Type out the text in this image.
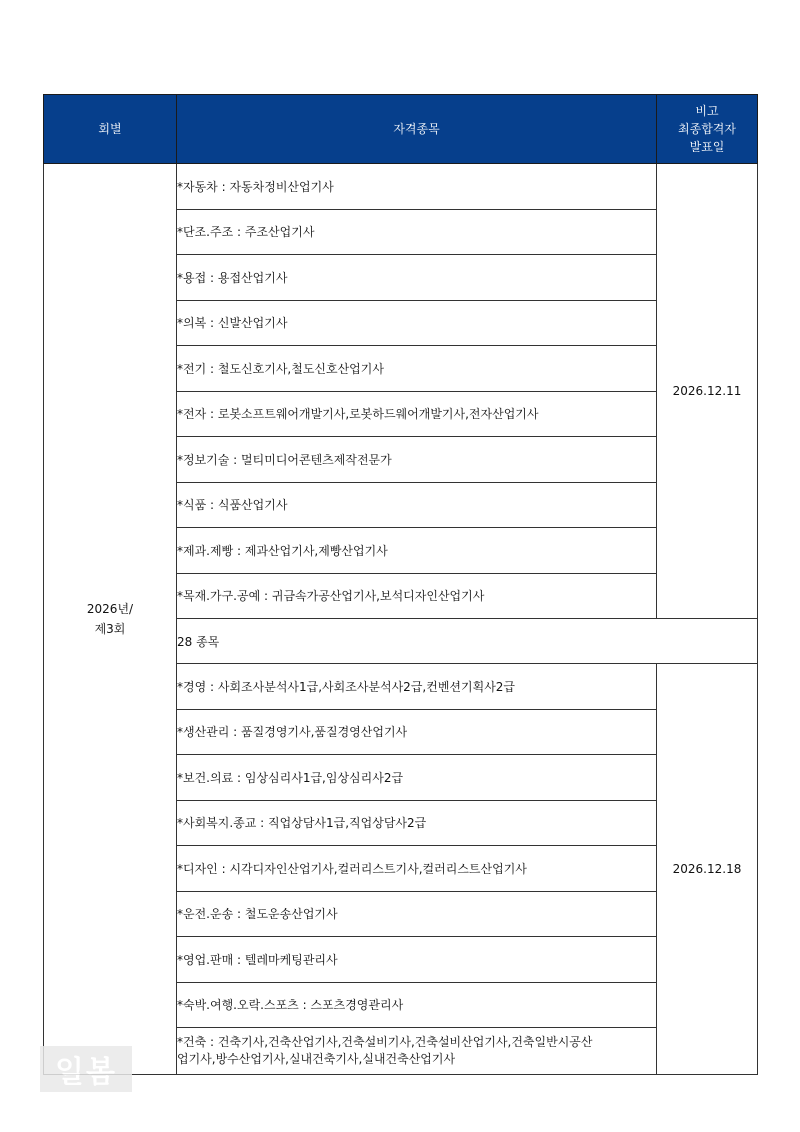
회별	자격종목	비고
최종합격자
발표일

2026년/
제3회	*자동차 : 자동차정비산업기사	2026.12.11
	*단조.주조 : 주조산업기사	
	*용접 : 용접산업기사	
	*의복 : 신발산업기사	
	*전기 : 철도신호기사,철도신호산업기사	
	*전자 : 로봇소프트웨어개발기사,로봇하드웨어개발기사,전자산업기사	
	*정보기술 : 멀티미디어콘텐츠제작전문가	
	*식품 : 식품산업기사	
	*제과.제빵 : 제과산업기사,제빵산업기사	
	*목재.가구.공예 : 귀금속가공산업기사,보석디자인산업기사	
	28 종목	
	*경영 : 사회조사분석사1급,사회조사분석사2급,컨벤션기획사2급	2026.12.18
	*생산관리 : 품질경영기사,품질경영산업기사	
	*보건.의료 : 임상심리사1급,임상심리사2급	
	*사회복지.종교 : 직업상담사1급,직업상담사2급	
	*디자인 : 시각디자인산업기사,컬러리스트기사,컬러리스트산업기사	
	*운전.운송 : 철도운송산업기사	
	*영업.판매 : 텔레마케팅관리사	
	*숙박.여행.오락.스포츠 : 스포츠경영관리사	

	*건축 : 건축기사,건축산업기사,건축설비기사,건축설비산업기사,건축일반시공산
업기사,방수산업기사,실내건축기사,실내건축산업기사	
일봄
